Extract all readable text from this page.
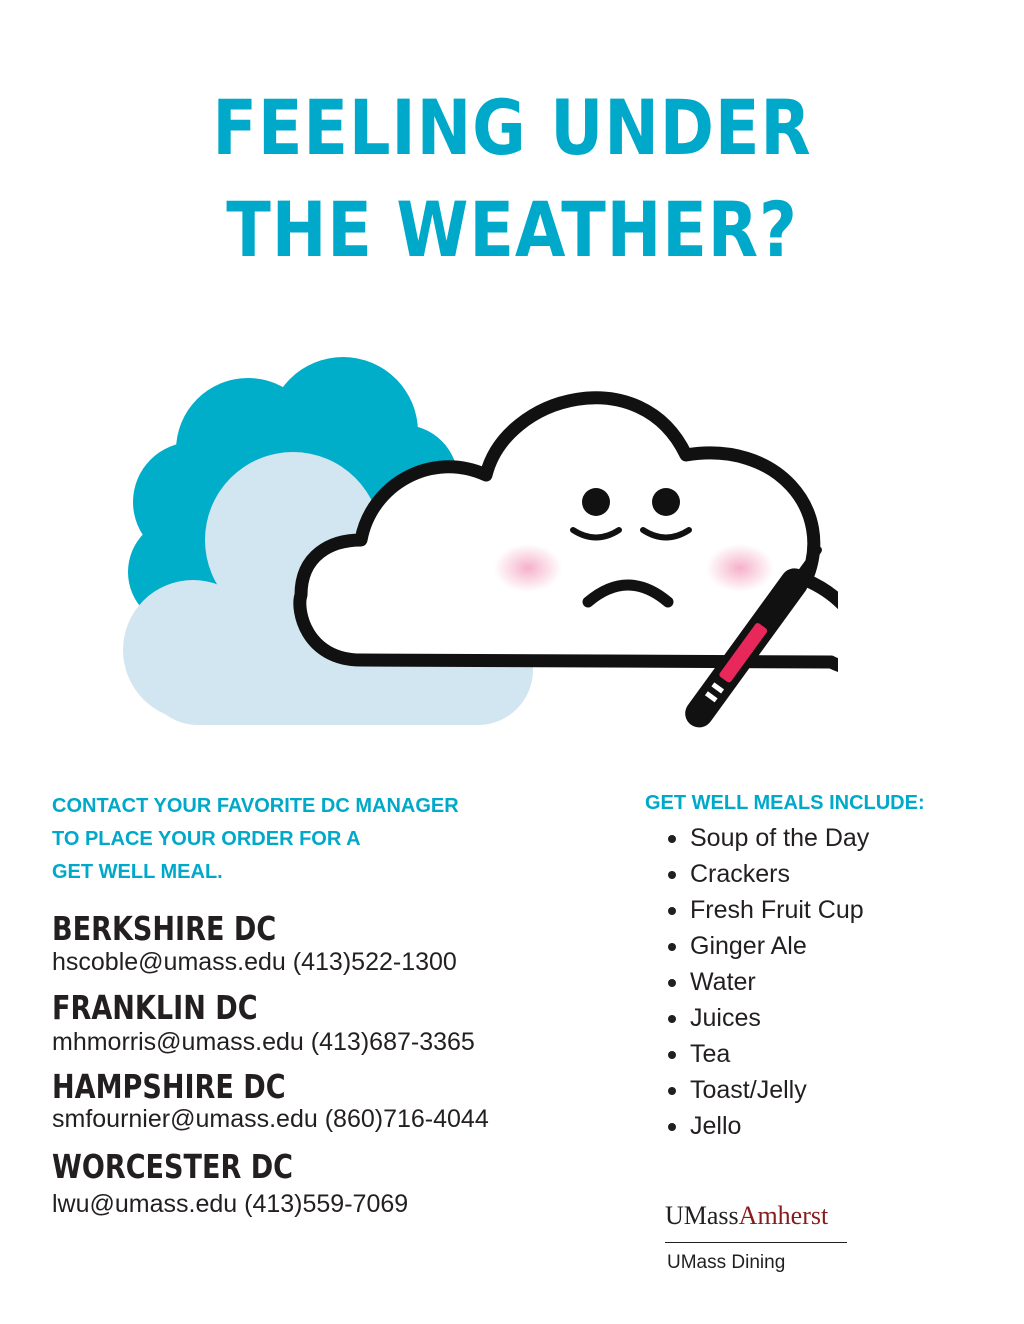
FEELING UNDER
THE WEATHER?
CONTACT YOUR FAVORITE DC MANAGER
TO PLACE YOUR ORDER FOR A
GET WELL MEAL.
BERKSHIRE DC
hscoble@umass.edu (413)522-1300
FRANKLIN DC
mhmorris@umass.edu (413)687-3365
HAMPSHIRE DC
smfournier@umass.edu (860)716-4044
WORCESTER DC
lwu@umass.edu (413)559-7069
GET WELL MEALS INCLUDE:
Soup of the Day
Crackers
Fresh Fruit Cup
Ginger Ale
Water
Juices
Tea
Toast/Jelly
Jello
UMassAmherst
UMass Dining
